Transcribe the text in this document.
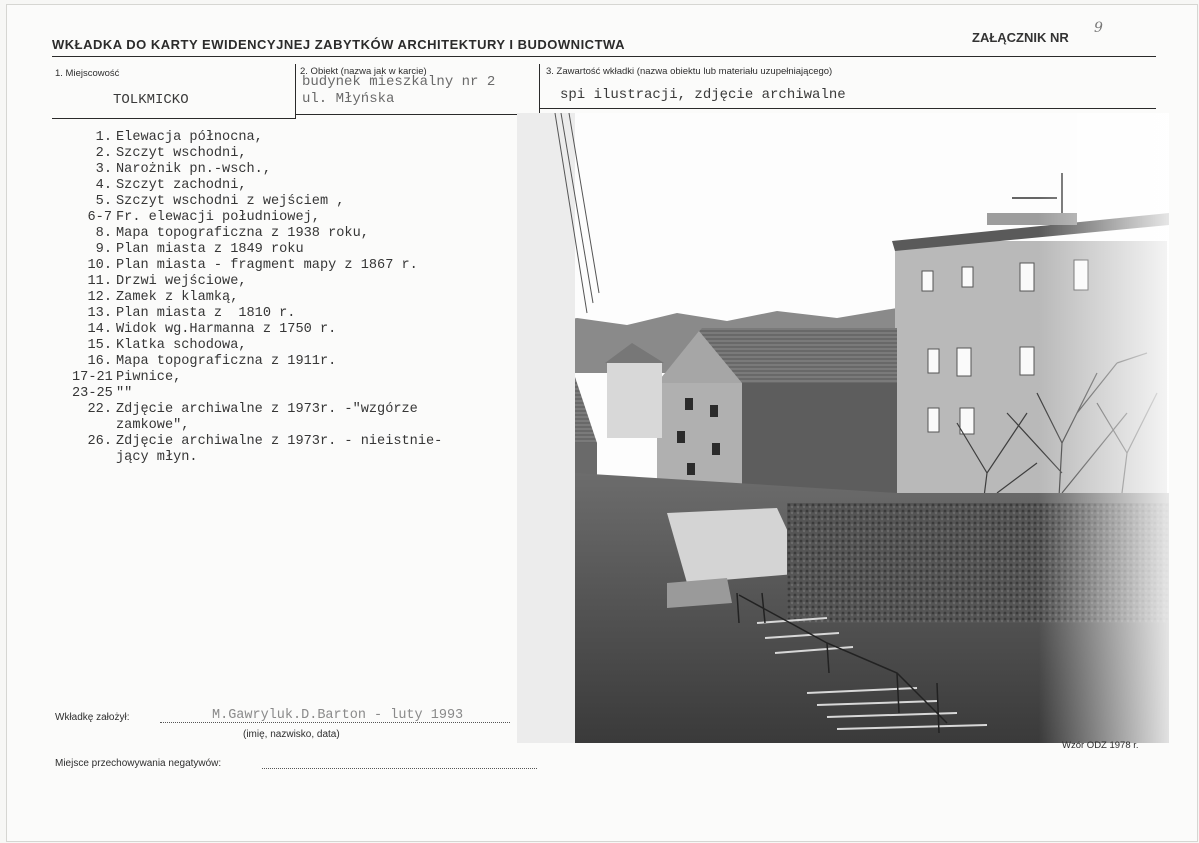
WKŁADKA DO KARTY EWIDENCYJNEJ ZABYTKÓW ARCHITEKTURY I BUDOWNICTWA	ZAŁĄCZNIK NR
9
1. Miejscowość
TOLKMICKO
2. Obiekt (nazwa jak w karcie)
budynek mieszkalny nr 2
ul. Młyńska
3. Zawartość wkładki (nazwa obiektu lub materiału uzupełniającego)
spi ilustracji, zdjęcie archiwalne
1. Elewacja północna,
2. Szczyt wschodni,
3. Narożnik pn.-wsch.,
4. Szczyt zachodni,
5. Szczyt wschodni z wejściem ,
6-7 Fr. elewacji południowej,
8. Mapa topograficzna z 1938 roku,
9. Plan miasta z 1849 roku
10. Plan miasta - fragment mapy z 1867 r.
11. Drzwi wejściowe,
12. Zamek z klamką,
13. Plan miasta z  1810 r.
14. Widok wg.Harmanna z 1750 r.
15. Klatka schodowa,
16. Mapa topograficzna z 1911r.
17-21 Piwnice,
23-25 ""
22. Zdjęcie archiwalne z 1973r. -"wzgórze
zamkowe",
26. Zdjęcie archiwalne z 1973r. - nieistnie-
jący młyn.
Wkładkę założył:	M.Gawryluk.D.Barton - luty 1993
(imię, nazwisko, data)
Miejsce przechowywania negatywów:
Wzór ODZ 1978 r.
